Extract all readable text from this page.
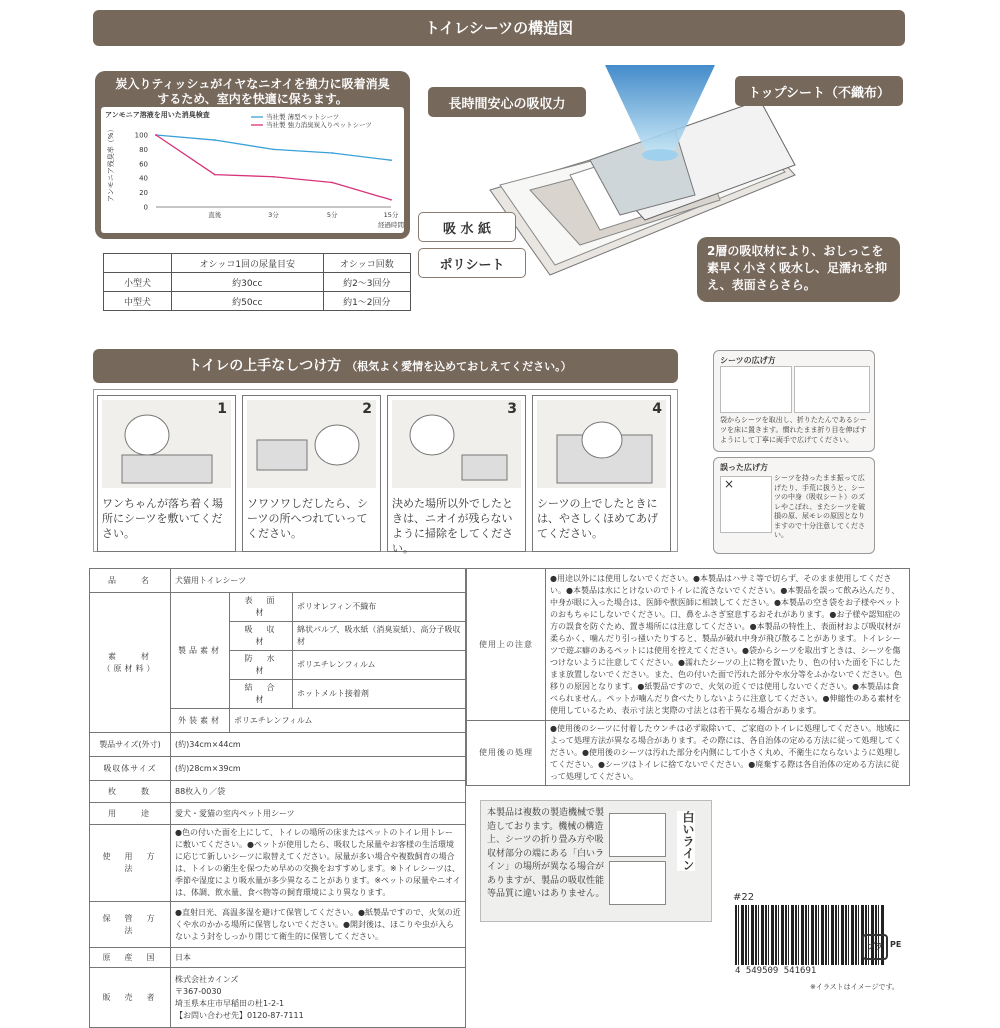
トイレシーツの構造図
炭入りティッシュがイヤなニオイを強力に吸着消臭するため、室内を快適に保ちます。
アンモニア溶液を用いた消臭検査
アンモニア残臭率（%）	100
80
60
40
20
0
直後	3分	5分	15分
経過時間
当社製 薄型ペットシーツ
当社製 強力消臭炭入りペットシーツ
	オシッコ1回の尿量目安	オシッコ回数
小型犬	約30cc	約2〜3回分
中型犬	約50cc	約1〜2回分
長時間安心の吸収力
トップシート（不織布）
吸 水 紙
ポリシート
2層の吸収材により、おしっこを素早く小さく吸水し、足濡れを抑え、表面さらさら。
トイレの上手なしつけ方 （根気よく愛情を込めておしえてください。）
1
ワンちゃんが落ち着く場所にシーツを敷いてください。
2
ソワソワしだしたら、シーツの所へつれていってください。
3
決めた場所以外でしたときは、ニオイが残らないように掃除をしてください。
4
シーツの上でしたときには、やさしくほめてあげてください。
シーツの広げ方
袋からシーツを取出し、折りたたんであるシーツを床に置きます。慣れたまま折り目を伸ばすようにして丁寧に両手で広げてください。
誤った広げ方
×	シーツを持ったまま振って広げたり、手荒に扱うと、シーツの中身（吸収シート）のズレやこぼれ、またシーツを破損の原、尿モレの原因となりますので十分注意してください。
品　　名	犬猫用トイレシーツ		

素　　材
（原材料）	製品素材	表　面　材	ポリオレフィン不織布
		吸　収　材	綿状パルプ、吸水紙（消臭炭紙）、高分子吸収材
		防　水　材	ポリエチレンフィルム
		結　合　材	ホットメルト接着剤
	外装素材	ポリエチレンフィルム	
製品サイズ(外寸)	(約)34cm×44cm		
吸収体サイズ	(約)28cm×39cm		
枚　　数	88枚入り／袋		
用　　途	愛犬・愛猫の室内ペット用シーツ		
使　用　方　法	●色の付いた面を上にして、トイレの場所の床またはペットのトイレ用トレーに敷いてください。●ペットが使用したら、吸収した尿量やお客様の生活環境に応じて新しいシーツに取替えてください。尿量が多い場合や複数飼育の場合は、トイレの衛生を保つため早めの交換をおすすめします。※トイレシーツは、季節や湿度により吸水量が多少異なることがあります。※ペットの尿量やニオイは、体調、飲水量、食べ物等の飼育環境により異なります。		
保　管　方　法	●直射日光、高温多湿を避けて保管してください。●紙製品ですので、火気の近くや水のかかる場所に保管しないでください。●開封後は、ほこりや虫が入らないよう封をしっかり閉じて衛生的に保管してください。		
原　産　国	日本		
販　売　者	株式会社カインズ
〒367-0030
埼玉県本庄市早稲田の杜1-2-1
【お問い合わせ先】0120-87-7111		
使用上の注意	●用途以外には使用しないでください。●本製品はハサミ等で切らず、そのまま使用してください。●本製品は水にとけないのでトイレに流さないでください。●本製品を誤って飲み込んだり、中身が眼に入った場合は、医師や獣医師に相談してください。●本製品の空き袋をお子様やペットのおもちゃにしないでください。口、鼻をふさぎ窒息するおそれがあります。●お子様や認知症の方の誤食を防ぐため、置き場所には注意してください。●本製品の特性上、表面材および吸収材が柔らかく、噛んだり引っ掻いたりすると、製品が破れ中身が飛び散ることがあります。トイレシーツで遊ぶ癖のあるペットには使用を控えてください。●袋からシーツを取出すときは、シーツを傷つけないように注意してください。●濡れたシーツの上に物を置いたり、色の付いた面を下にしたまま放置しないでください。また、色の付いた面で汚れた部分や水分等をふかないでください。色移りの原因となります。●紙製品ですので、火気の近くでは使用しないでください。●本製品は食べられません。ペットが噛んだり食べたりしないように注意してください。●伸縮性のある素材を使用しているため、表示寸法と実際の寸法とは若干異なる場合があります。
使用後の処理	●使用後のシーツに付着したウンチは必ず取除いて、ご家庭のトイレに処理してください。地域によって処理方法が異なる場合があります。その際には、各自治体の定める方法に従って処理してください。●使用後のシーツは汚れた部分を内側にして小さく丸め、不衛生にならないように処理してください。●シーツはトイレに捨てないでください。●廃棄する際は各自治体の定める方法に従って処理してください。
本製品は複数の製造機械で製造しております。機械の構造上、シーツの折り畳み方や吸収材部分の端にある「白いライン」の場所が異なる場合がありますが、製品の吸収性能等品質に違いはありません。
白いライン
#22
4 549509 541691
プラ PE
※イラストはイメージです。
